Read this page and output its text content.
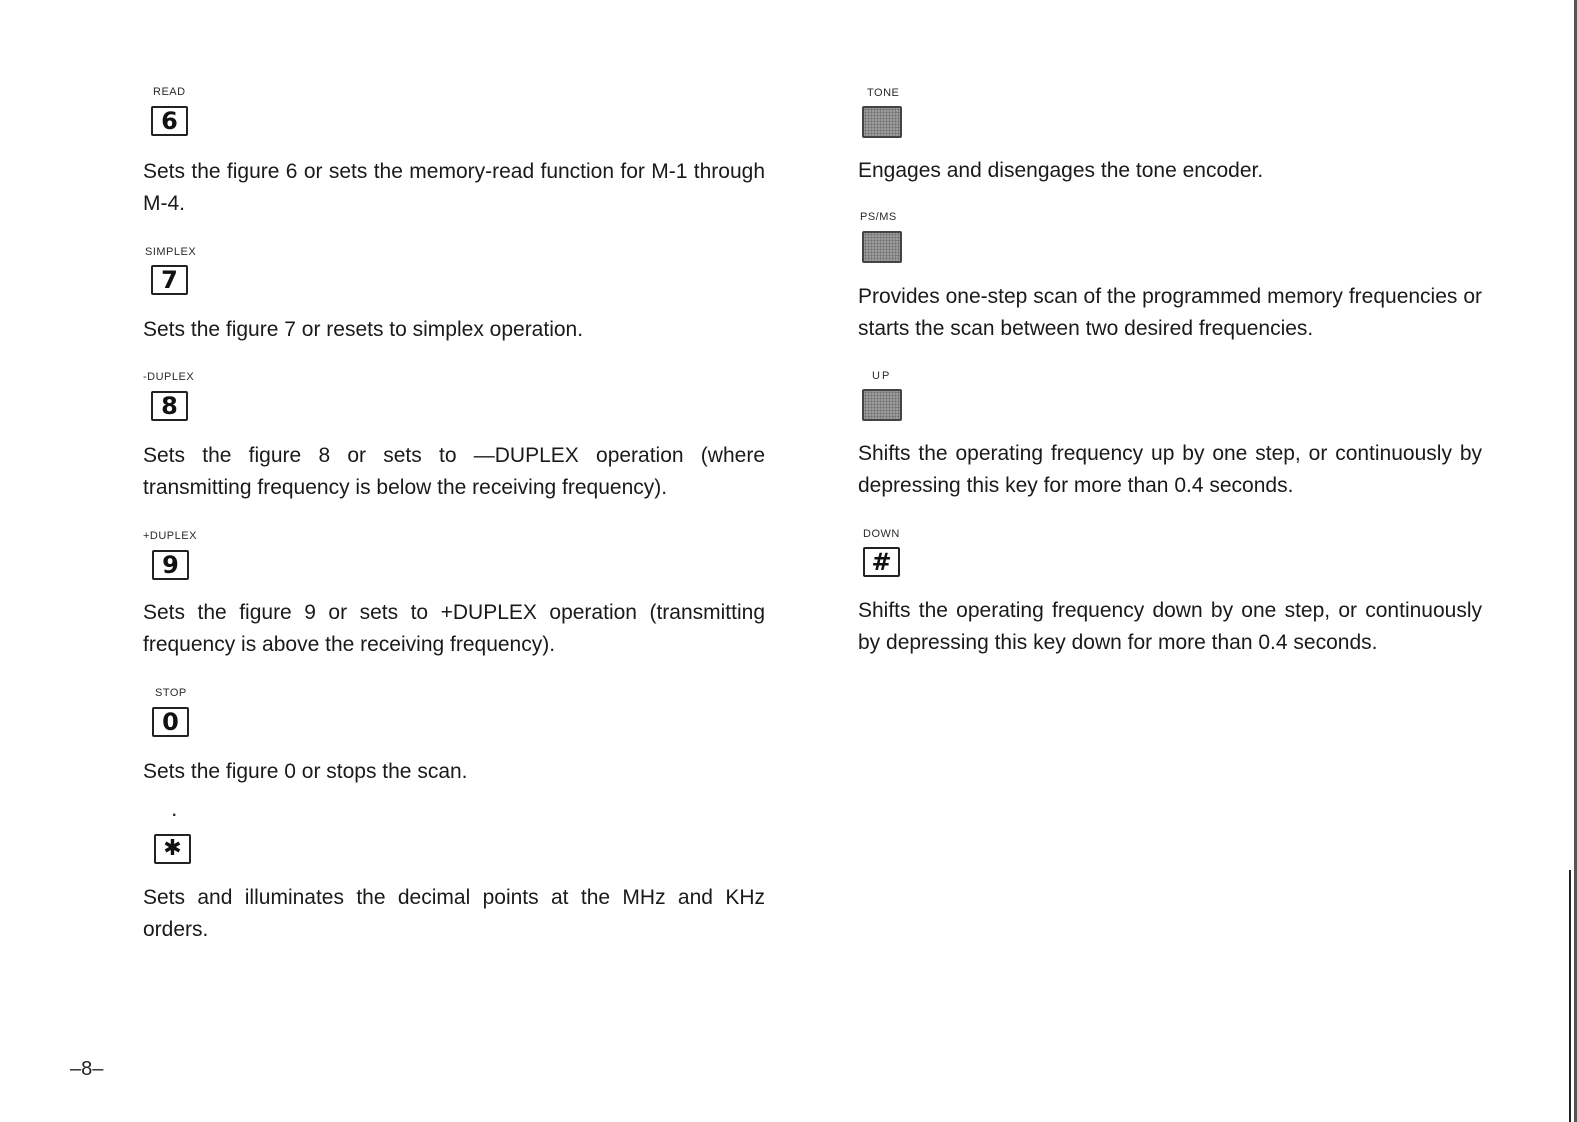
READ
6
Sets the figure 6 or sets the memory-read function for M-1 through M-4.
SIMPLEX
7
Sets the figure 7 or resets to simplex operation.
-DUPLEX
8
Sets the figure 8 or sets to —DUPLEX operation (where transmitting frequency is below the receiving frequency).
+DUPLEX
9
Sets the figure 9 or sets to +DUPLEX operation (transmitting frequency is above the receiving frequency).
STOP
0
Sets the figure 0 or stops the scan.
·
✱
Sets and illuminates the decimal points at the MHz and KHz orders.
TONE
Engages and disengages the tone encoder.
PS/MS
Provides one-step scan of the programmed memory frequencies or starts the scan between two desired frequencies.
UP
Shifts the operating frequency up by one step, or continuously by depressing this key for more than 0.4 seconds.
DOWN
#
Shifts the operating frequency down by one step, or continuously by depressing this key down for more than 0.4 seconds.
–8–
